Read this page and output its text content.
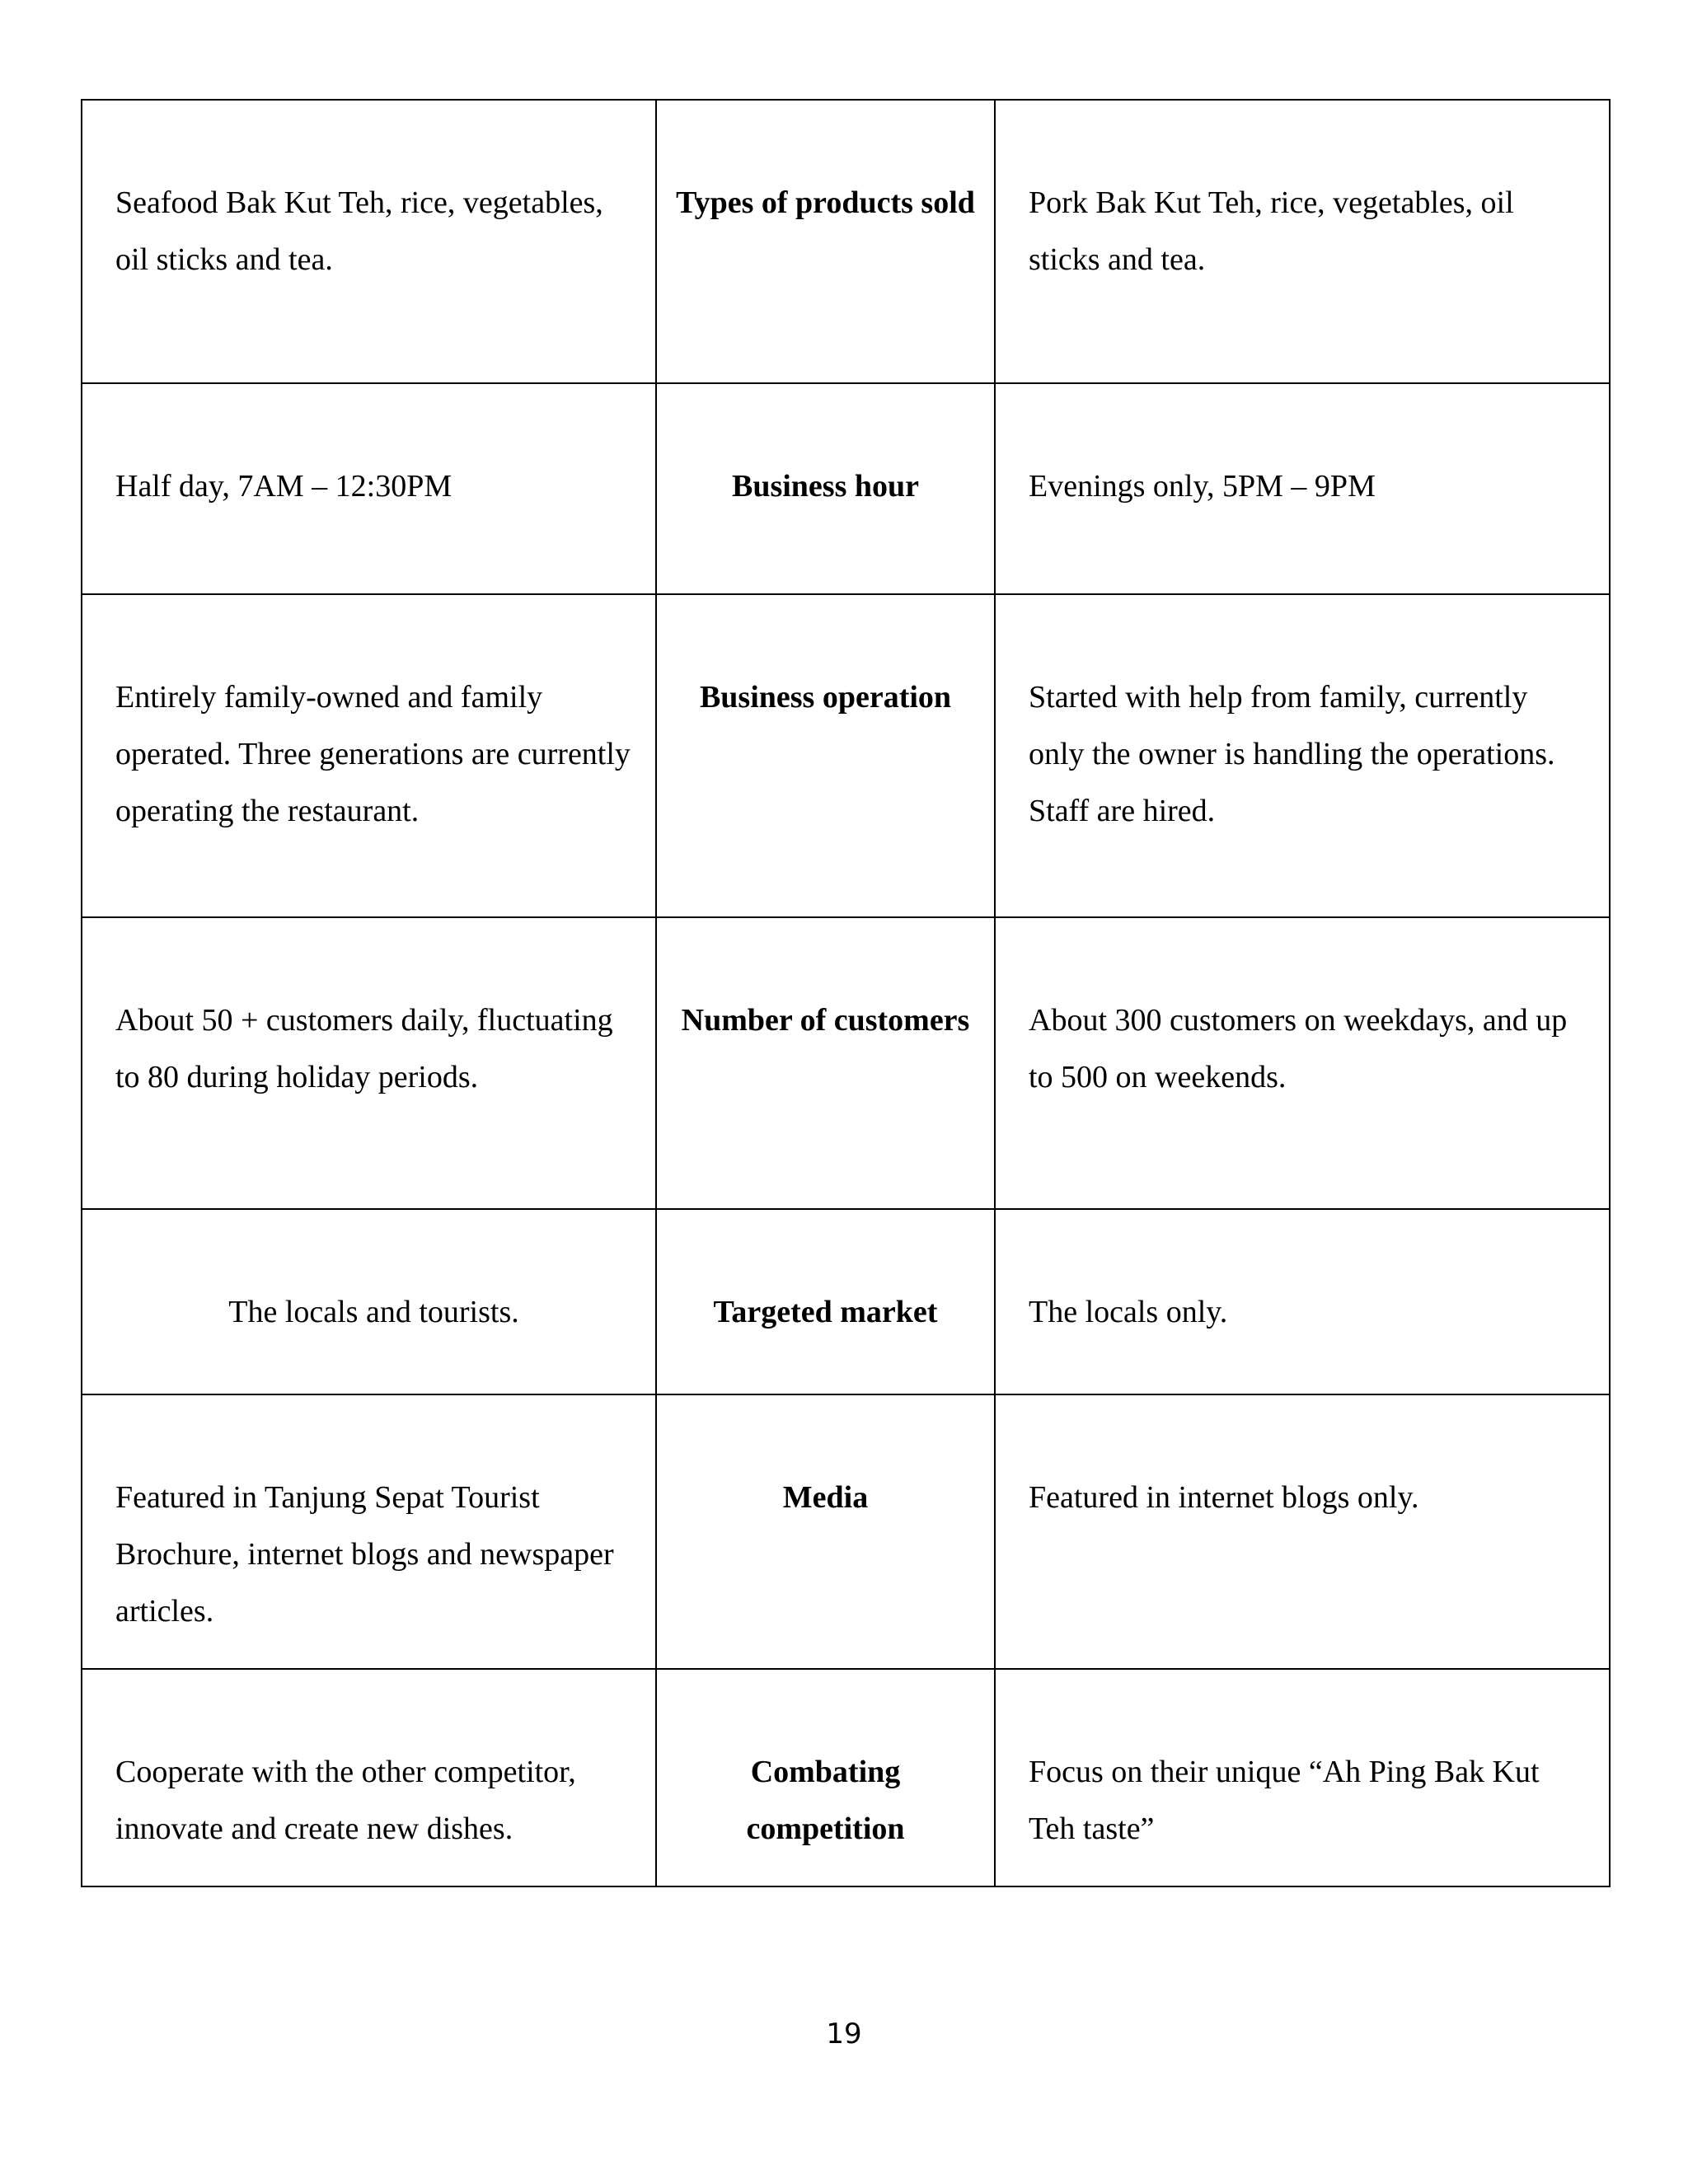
Seafood Bak Kut Teh, rice, vegetables, oil sticks and tea.	Types of products sold	Pork Bak Kut Teh, rice, vegetables, oil sticks and tea.
Half day, 7AM – 12:30PM	Business hour	Evenings only, 5PM – 9PM
Entirely family-owned and family operated. Three generations are currently operating the restaurant.	Business operation	Started with help from family, currently only the owner is handling the operations. Staff are hired.
About 50 + customers daily, fluctuating to 80 during holiday periods.	Number of customers	About 300 customers on weekdays, and up to 500 on weekends.
The locals and tourists.	Targeted market	The locals only.
Featured in Tanjung Sepat Tourist Brochure, internet blogs and newspaper articles.	Media	Featured in internet blogs only.
Cooperate with the other competitor, innovate and create new dishes.	Combating competition	Focus on their unique “Ah Ping Bak Kut Teh taste”
19
